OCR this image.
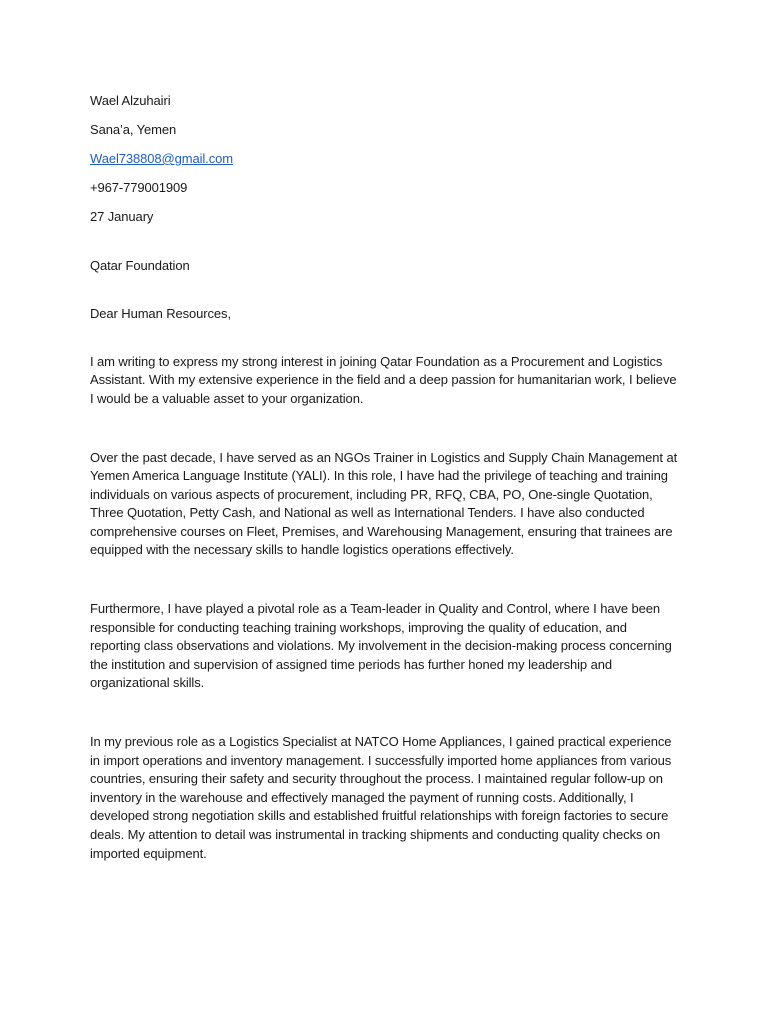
Wael Alzuhairi

Sana’a, Yemen

Wael738808@gmail.com

+967-779001909

27 January

Qatar Foundation

Dear Human Resources,

I am writing to express my strong interest in joining Qatar Foundation as a Procurement and Logistics Assistant. With my extensive experience in the field and a deep passion for humanitarian work, I believe I would be a valuable asset to your organization.

Over the past decade, I have served as an NGOs Trainer in Logistics and Supply Chain Management at Yemen America Language Institute (YALI). In this role, I have had the privilege of teaching and training individuals on various aspects of procurement, including PR, RFQ, CBA, PO, One-single Quotation, Three Quotation, Petty Cash, and National as well as International Tenders. I have also conducted comprehensive courses on Fleet, Premises, and Warehousing Management, ensuring that trainees are equipped with the necessary skills to handle logistics operations effectively.

Furthermore, I have played a pivotal role as a Team-leader in Quality and Control, where I have been responsible for conducting teaching training workshops, improving the quality of education, and reporting class observations and violations. My involvement in the decision-making process concerning the institution and supervision of assigned time periods has further honed my leadership and organizational skills.

In my previous role as a Logistics Specialist at NATCO Home Appliances, I gained practical experience in import operations and inventory management. I successfully imported home appliances from various countries, ensuring their safety and security throughout the process. I maintained regular follow-up on inventory in the warehouse and effectively managed the payment of running costs. Additionally, I developed strong negotiation skills and established fruitful relationships with foreign factories to secure deals. My attention to detail was instrumental in tracking shipments and conducting quality checks on imported equipment.
